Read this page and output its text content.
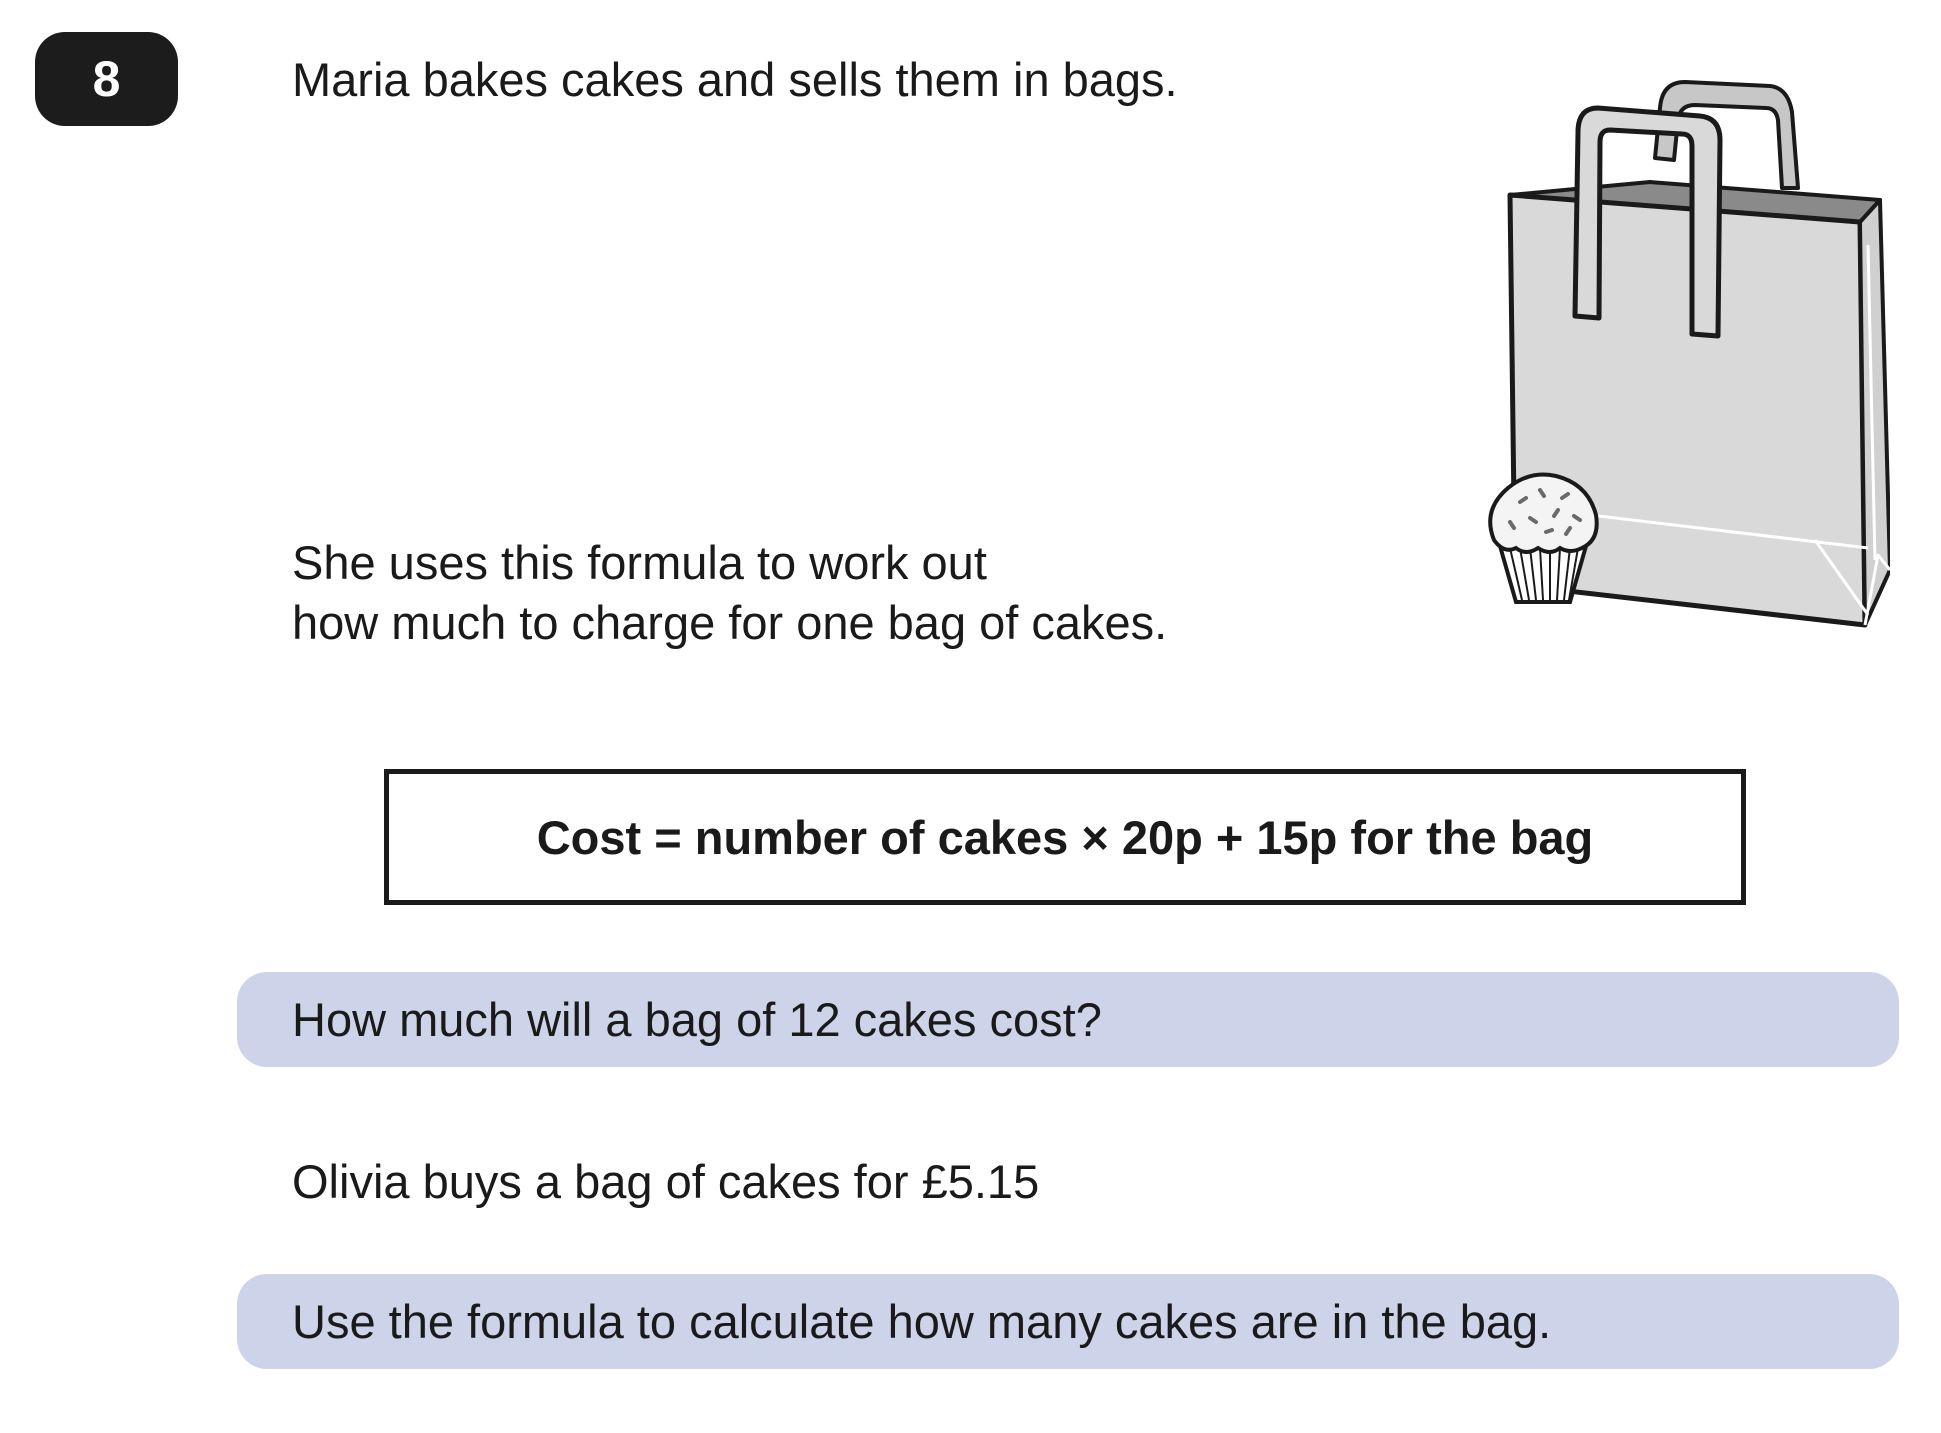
8	Maria bakes cakes and sells them in bags.
She uses this formula to work out
how much to charge for one bag of cakes.
Cost = number of cakes × 20p + 15p for the bag
How much will a bag of 12 cakes cost?
Olivia buys a bag of cakes for £5.15
Use the formula to calculate how many cakes are in the bag.
